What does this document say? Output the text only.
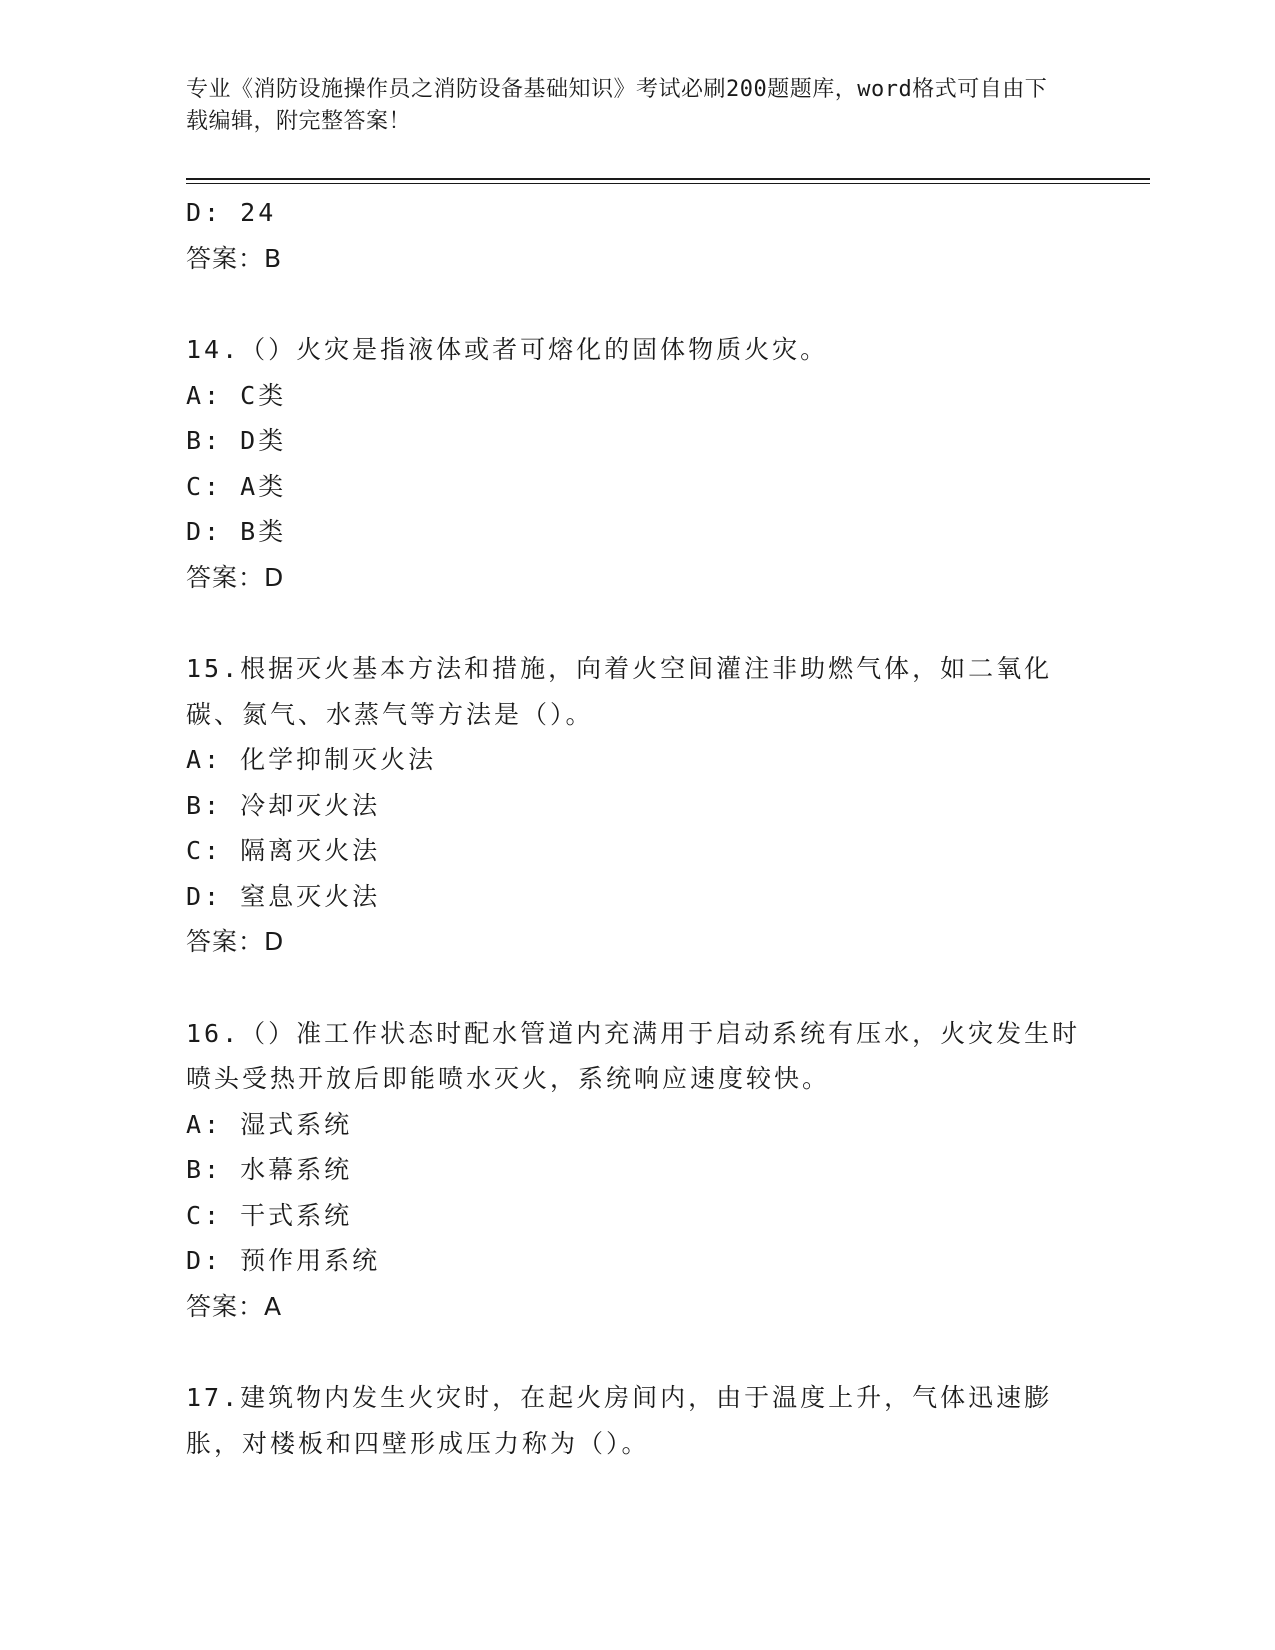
专业《消防设施操作员之消防设备基础知识》考试必刷200题题库，word格式可自由下载编辑，附完整答案！
D: 24
答案：B
14.（）火灾是指液体或者可熔化的固体物质火灾。
A: C类
B: D类
C: A类
D: B类
答案：D
15.根据灭火基本方法和措施，向着火空间灌注非助燃气体，如二氧化碳、氮气、水蒸气等方法是（）。
A: 化学抑制灭火法
B: 冷却灭火法
C: 隔离灭火法
D: 窒息灭火法
答案：D
16.（）准工作状态时配水管道内充满用于启动系统有压水，火灾发生时喷头受热开放后即能喷水灭火，系统响应速度较快。
A: 湿式系统
B: 水幕系统
C: 干式系统
D: 预作用系统
答案：A
17.建筑物内发生火灾时，在起火房间内，由于温度上升，气体迅速膨胀，对楼板和四壁形成压力称为（）。
